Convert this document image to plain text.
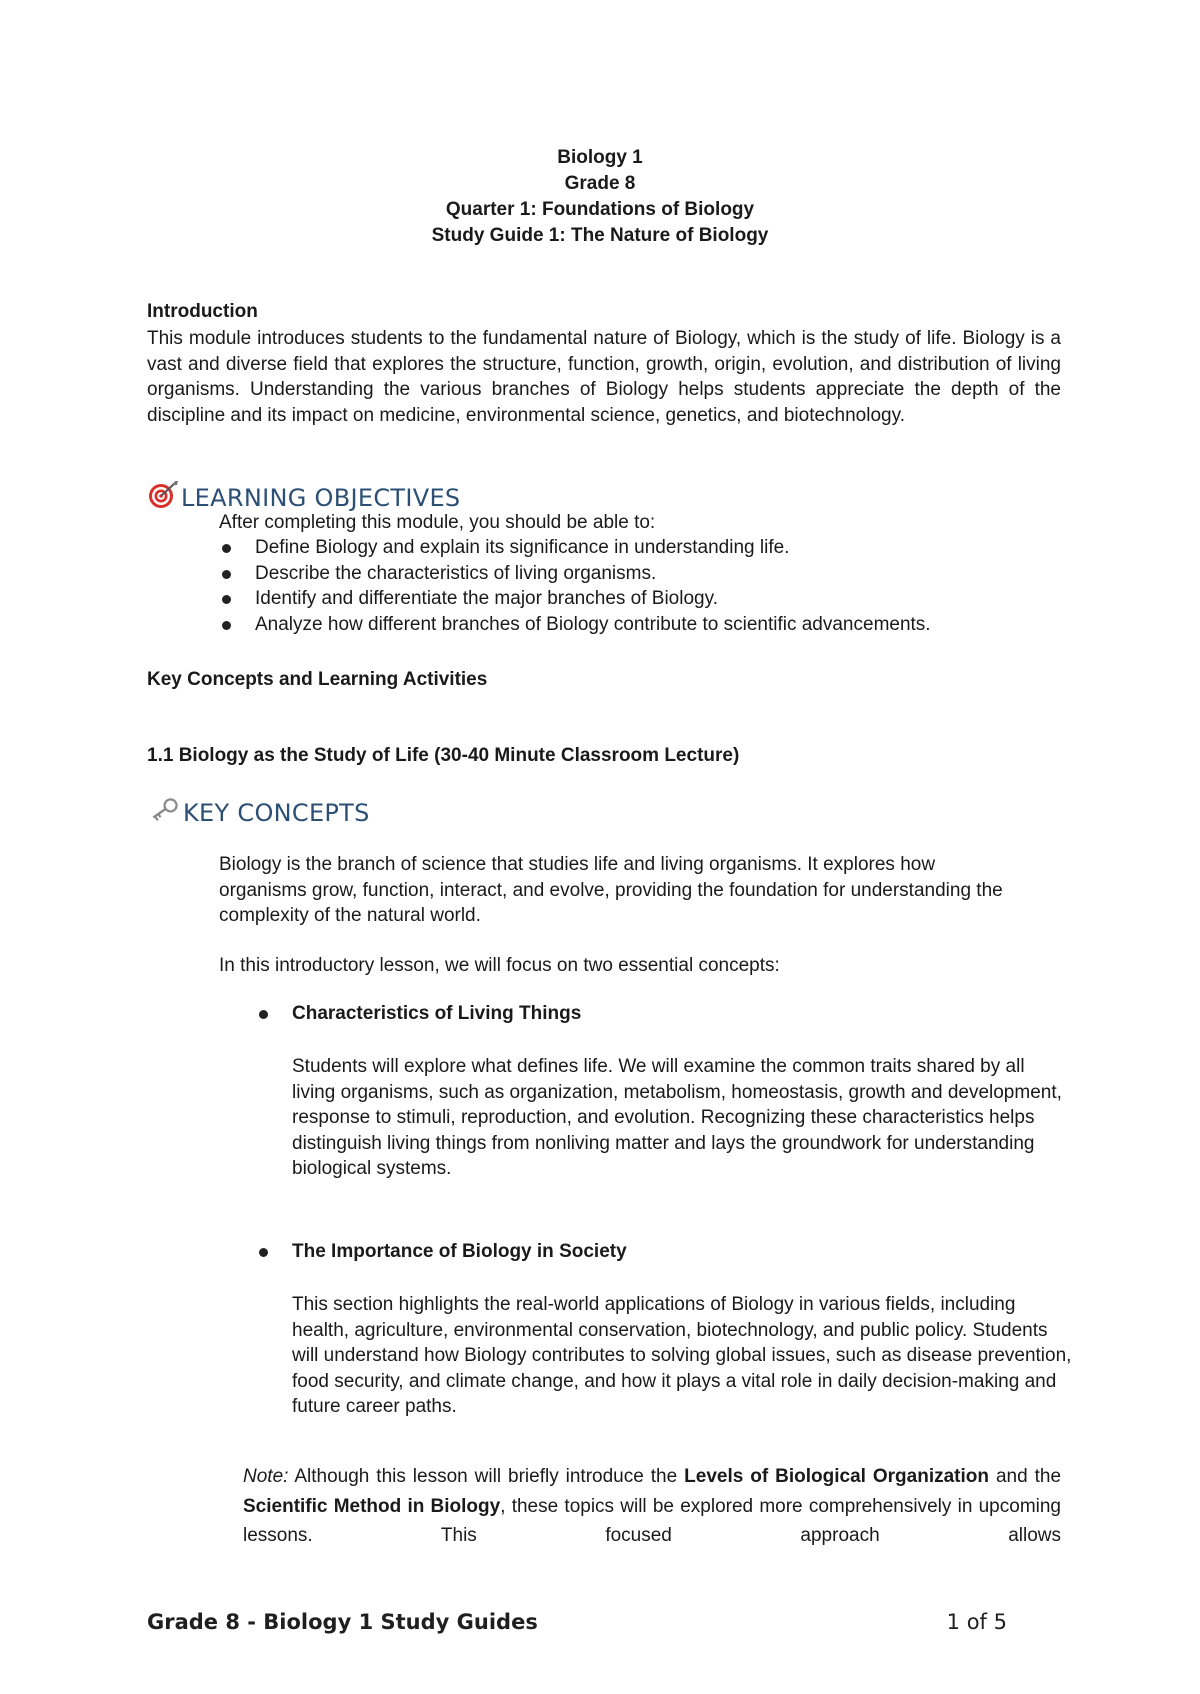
Biology 1
Grade 8
Quarter 1: Foundations of Biology
Study Guide 1: The Nature of Biology
Introduction
This module introduces students to the fundamental nature of Biology, which is the study of life. Biology is a vast and diverse field that explores the structure, function, growth, origin, evolution, and distribution of living organisms. Understanding the various branches of Biology helps students appreciate the depth of the discipline and its impact on medicine, environmental science, genetics, and biotechnology.
LEARNING OBJECTIVES
After completing this module, you should be able to:
Define Biology and explain its significance in understanding life.
Describe the characteristics of living organisms.
Identify and differentiate the major branches of Biology.
Analyze how different branches of Biology contribute to scientific advancements.
Key Concepts and Learning Activities
1.1 Biology as the Study of Life (30-40 Minute Classroom Lecture)
KEY CONCEPTS
Biology is the branch of science that studies life and living organisms. It explores how organisms grow, function, interact, and evolve, providing the foundation for understanding the complexity of the natural world.
In this introductory lesson, we will focus on two essential concepts:
Characteristics of Living Things
Students will explore what defines life. We will examine the common traits shared by all living organisms, such as organization, metabolism, homeostasis, growth and development, response to stimuli, reproduction, and evolution. Recognizing these characteristics helps distinguish living things from nonliving matter and lays the groundwork for understanding biological systems.
The Importance of Biology in Society
This section highlights the real-world applications of Biology in various fields, including health, agriculture, environmental conservation, biotechnology, and public policy. Students will understand how Biology contributes to solving global issues, such as disease prevention, food security, and climate change, and how it plays a vital role in daily decision-making and future career paths.
Note: Although this lesson will briefly introduce the Levels of Biological Organization and the Scientific Method in Biology, these topics will be explored more comprehensively in upcoming lessons. This focused approach allows
Grade 8 - Biology 1 Study Guides	1 of 5
